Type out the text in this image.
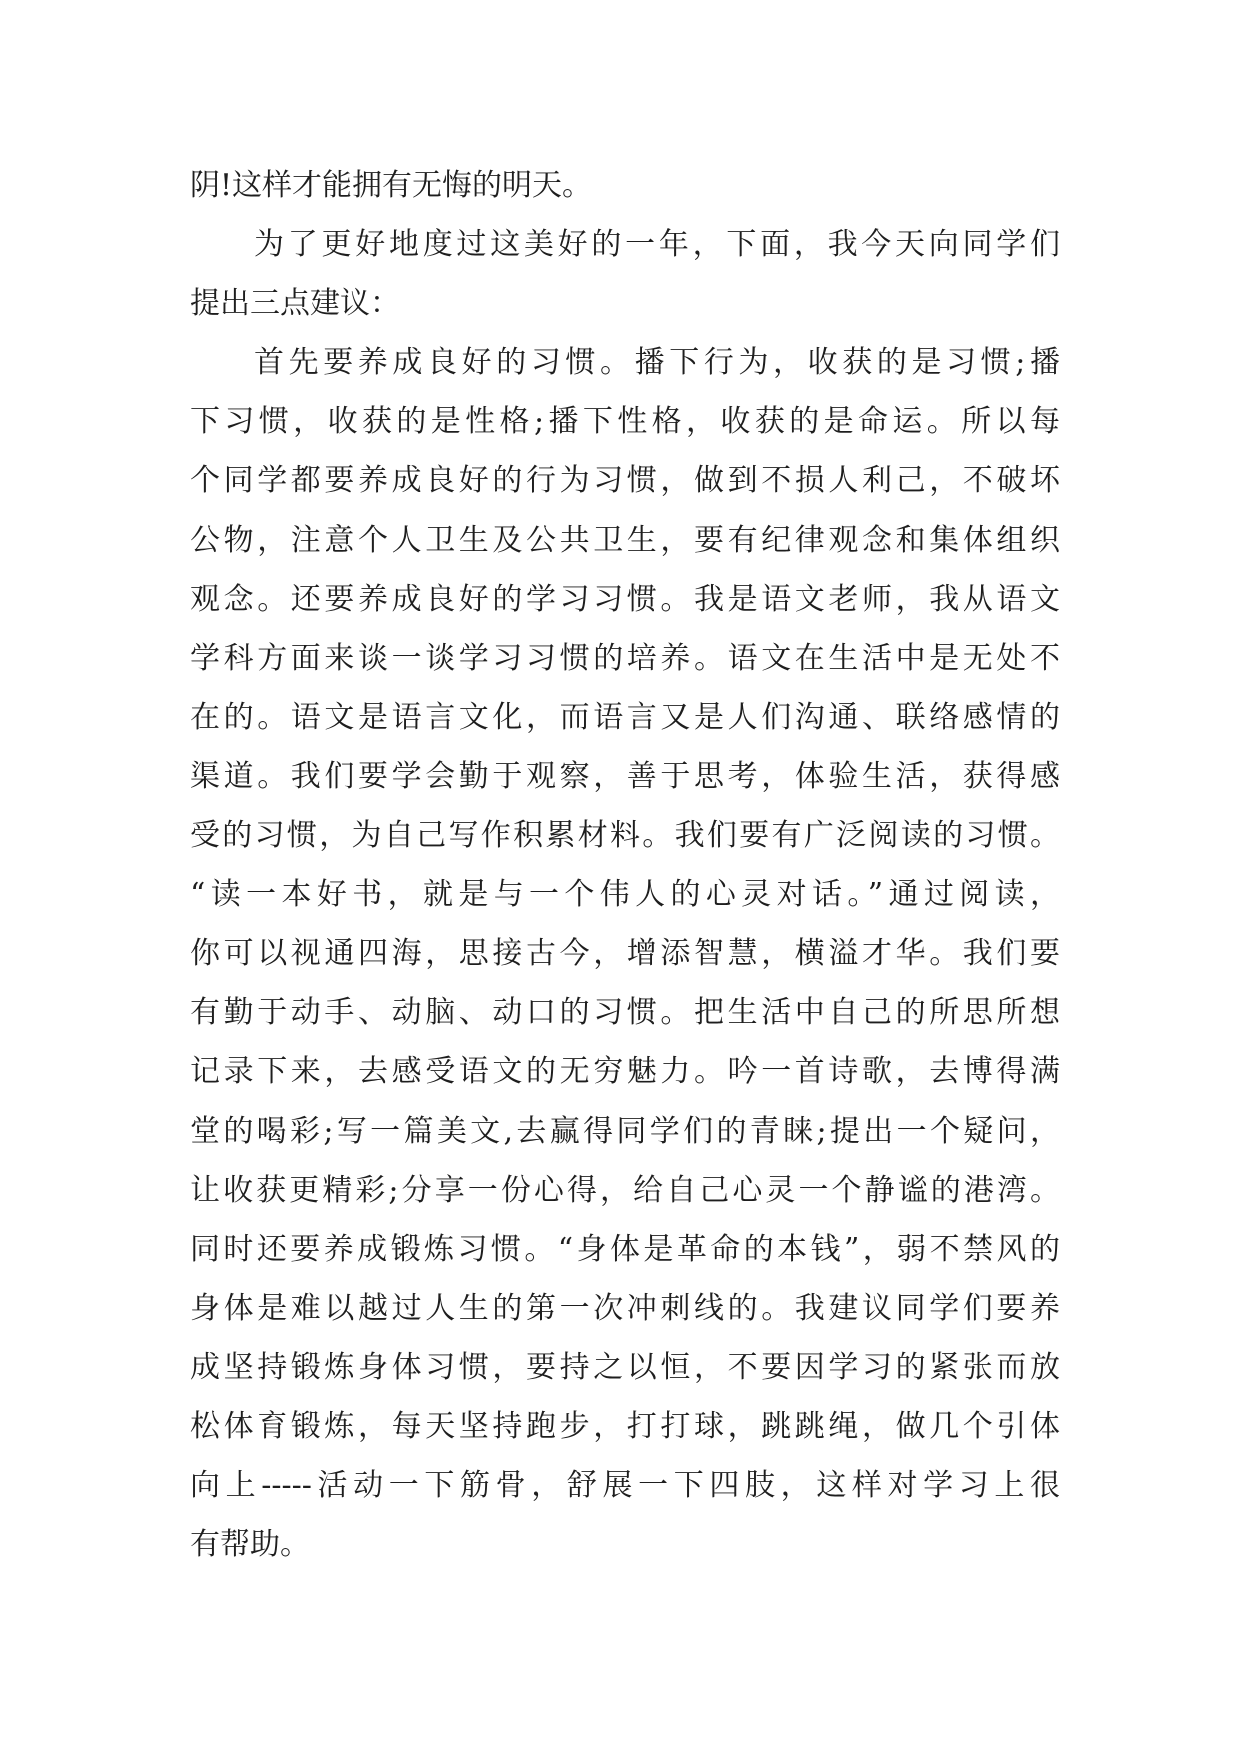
阴!这样才能拥有无悔的明天。
为了更好地度过这美好的一年，下面，我今天向同学们
提出三点建议：
首先要养成良好的习惯。播下行为，收获的是习惯;播
下习惯，收获的是性格;播下性格，收获的是命运。所以每
个同学都要养成良好的行为习惯，做到不损人利己，不破坏
公物，注意个人卫生及公共卫生，要有纪律观念和集体组织
观念。还要养成良好的学习习惯。我是语文老师，我从语文
学科方面来谈一谈学习习惯的培养。语文在生活中是无处不
在的。语文是语言文化，而语言又是人们沟通、联络感情的
渠道。我们要学会勤于观察，善于思考，体验生活，获得感
受的习惯，为自己写作积累材料。我们要有广泛阅读的习惯。
“读一本好书，就是与一个伟人的心灵对话。”通过阅读，
你可以视通四海，思接古今，增添智慧，横溢才华。我们要
有勤于动手、动脑、动口的习惯。把生活中自己的所思所想
记录下来，去感受语文的无穷魅力。吟一首诗歌，去博得满
堂的喝彩;写一篇美文,去赢得同学们的青睐;提出一个疑问，
让收获更精彩;分享一份心得，给自己心灵一个静谧的港湾。
同时还要养成锻炼习惯。“身体是革命的本钱”，弱不禁风的
身体是难以越过人生的第一次冲刺线的。我建议同学们要养
成坚持锻炼身体习惯，要持之以恒，不要因学习的紧张而放
松体育锻炼，每天坚持跑步，打打球，跳跳绳，做几个引体
向上-----活动一下筋骨，舒展一下四肢，这样对学习上很
有帮助。
